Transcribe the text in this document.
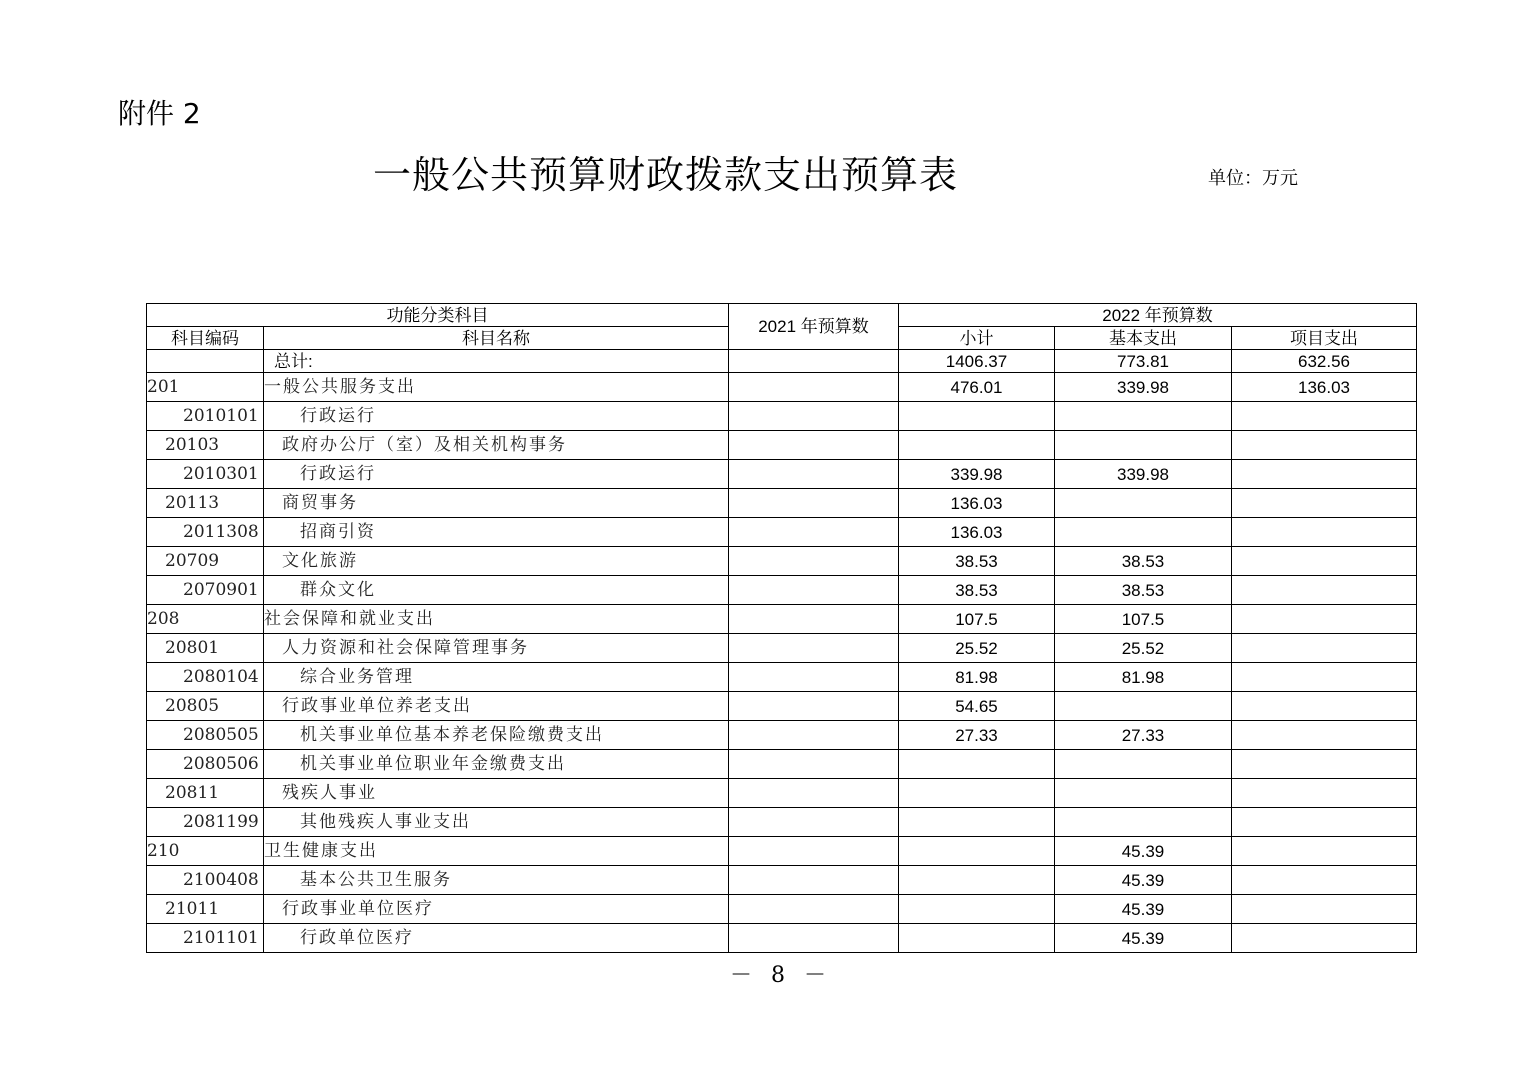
附件 2
一般公共预算财政拨款支出预算表	单位：万元
功能分类科目		2021 年预算数	2022 年预算数		
科目编码	科目名称		小计	基本支出	项目支出
	总计:		1406.37	773.81	632.56
201	一般公共服务支出		476.01	339.98	136.03
2010101	行政运行				
20103	政府办公厅（室）及相关机构事务				
2010301	行政运行		339.98	339.98	
20113	商贸事务		136.03		
2011308	招商引资		136.03		
20709	文化旅游		38.53	38.53	
2070901	群众文化		38.53	38.53	
208	社会保障和就业支出		107.5	107.5	
20801	人力资源和社会保障管理事务		25.52	25.52	
2080104	综合业务管理		81.98	81.98	
20805	行政事业单位养老支出		54.65		
2080505	机关事业单位基本养老保险缴费支出		27.33	27.33	
2080506	机关事业单位职业年金缴费支出				
20811	残疾人事业				
2081199	其他残疾人事业支出				
210	卫生健康支出			45.39	
2100408	基本公共卫生服务			45.39	
21011	行政事业单位医疗			45.39	
2101101	行政单位医疗			45.39	
－ 8 －
